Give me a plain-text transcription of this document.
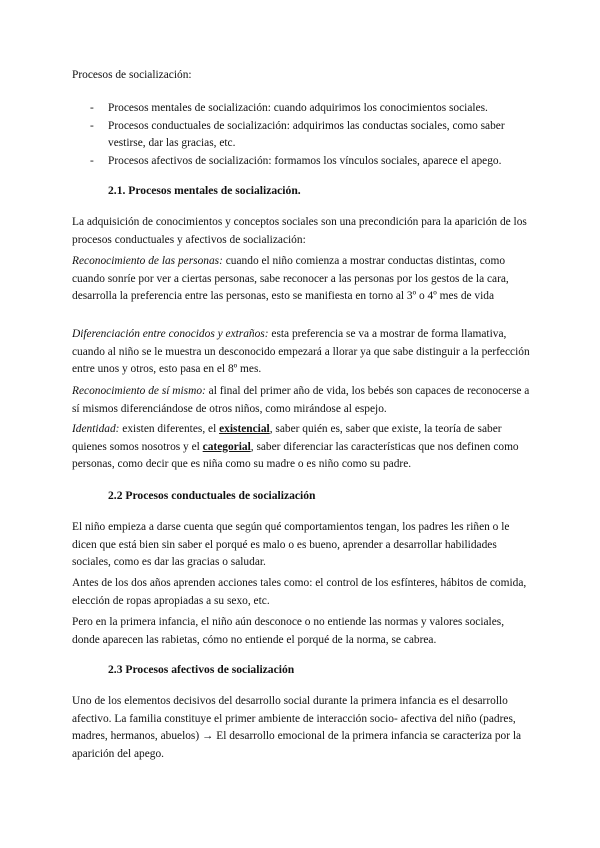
Procesos de socialización:

- Procesos mentales de socialización: cuando adquirimos los conocimientos sociales.
- Procesos conductuales de socialización: adquirimos las conductas sociales, como saber vestirse, dar las gracias, etc.
- Procesos afectivos de socialización: formamos los vínculos sociales, aparece el apego.
2.1. Procesos mentales de socialización.

La adquisición de conocimientos y conceptos sociales son una precondición para la aparición de los procesos conductuales y afectivos de socialización:

Reconocimiento de las personas: cuando el niño comienza a mostrar conductas distintas, como cuando sonríe por ver a ciertas personas, sabe reconocer a las personas por los gestos de la cara, desarrolla la preferencia entre las personas, esto se manifiesta en torno al 3º o 4º mes de vida

Diferenciación entre conocidos y extraños: esta preferencia se va a mostrar de forma llamativa, cuando al niño se le muestra un desconocido empezará a llorar ya que sabe distinguir a la perfección entre unos y otros, esto pasa en el 8º mes.

Reconocimiento de sí mismo: al final del primer año de vida, los bebés son capaces de reconocerse a sí mismos diferenciándose de otros niños, como mirándose al espejo.

Identidad: existen diferentes, el existencial, saber quién es, saber que existe, la teoría de saber quienes somos nosotros y el categorial, saber diferenciar las características que nos definen como personas, como decir que es niña como su madre o es niño como su padre.

2.2 Procesos conductuales de socialización

El niño empieza a darse cuenta que según qué comportamientos tengan, los padres les riñen o le dicen que está bien sin saber el porqué es malo o es bueno, aprender a desarrollar habilidades sociales, como es dar las gracias o saludar.

Antes de los dos años aprenden acciones tales como: el control de los esfínteres, hábitos de comida, elección de ropas apropiadas a su sexo, etc.

Pero en la primera infancia, el niño aún desconoce o no entiende las normas y valores sociales, donde aparecen las rabietas, cómo no entiende el porqué de la norma, se cabrea.

2.3 Procesos afectivos de socialización

Uno de los elementos decisivos del desarrollo social durante la primera infancia es el desarrollo afectivo. La familia constituye el primer ambiente de interacción socio- afectiva del niño (padres, madres, hermanos, abuelos) → El desarrollo emocional de la primera infancia se caracteriza por la aparición del apego.
